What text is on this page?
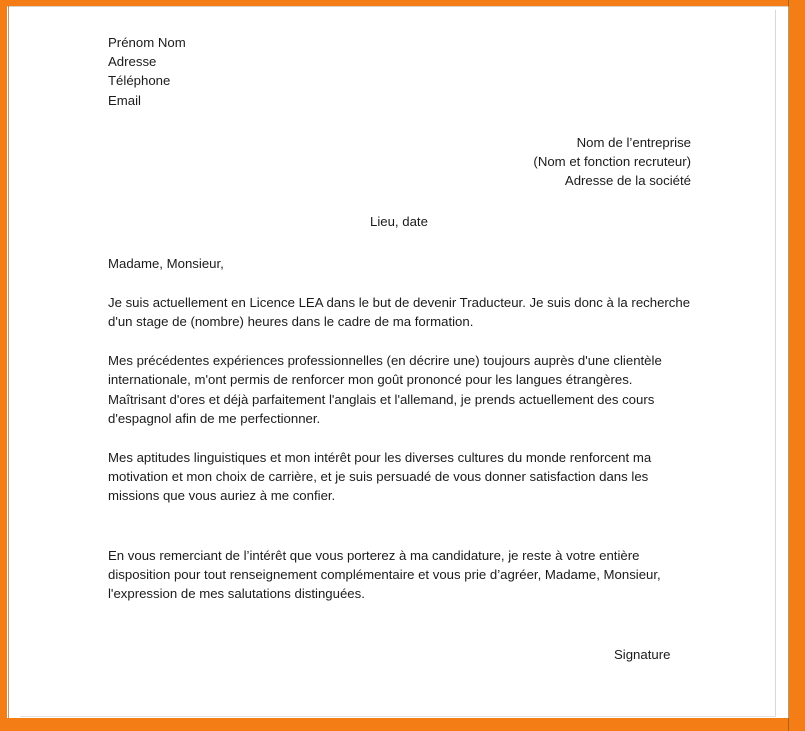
Prénom Nom
Adresse
Téléphone
Email
Nom de l’entreprise
(Nom et fonction recruteur)
Adresse de la société
Lieu, date
Madame, Monsieur,
Je suis actuellement en Licence LEA dans le but de devenir Traducteur. Je suis donc à la recherche d'un stage de (nombre) heures dans le cadre de ma formation.
Mes précédentes expériences professionnelles (en décrire une) toujours auprès d'une clientèle internationale, m'ont permis de renforcer mon goût prononcé pour les langues étrangères. Maîtrisant d'ores et déjà parfaitement l'anglais et l'allemand, je prends actuellement des cours d'espagnol afin de me perfectionner.
Mes aptitudes linguistiques et mon intérêt pour les diverses cultures du monde renforcent ma motivation et mon choix de carrière, et je suis persuadé de vous donner satisfaction dans les missions que vous auriez à me confier.
En vous remerciant de l’intérêt que vous porterez à ma candidature, je reste à votre entière disposition pour tout renseignement complémentaire et vous prie d’agréer, Madame, Monsieur, l'expression de mes salutations distinguées.
Signature
